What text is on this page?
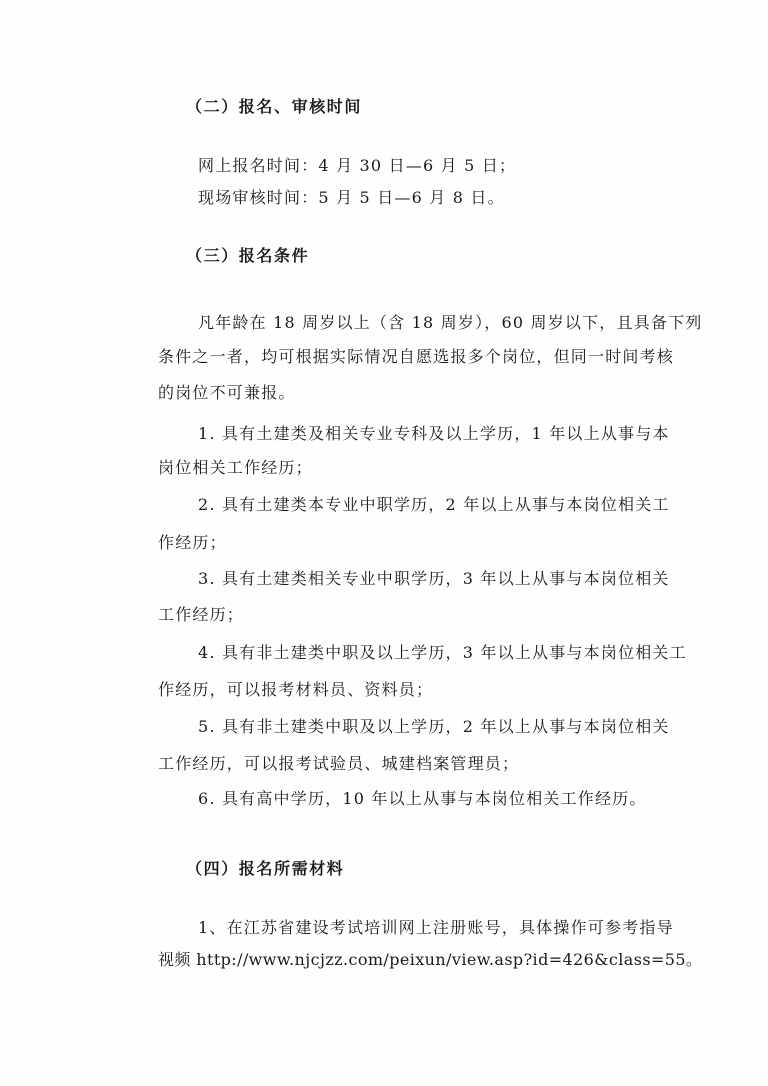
（二）报名、审核时间
网上报名时间：4 月 30 日—6 月 5 日；
现场审核时间：5 月 5 日—6 月 8 日。
（三）报名条件
凡年龄在 18 周岁以上（含 18 周岁），60 周岁以下，且具备下列
条件之一者，均可根据实际情况自愿选报多个岗位，但同一时间考核
的岗位不可兼报。
1. 具有土建类及相关专业专科及以上学历，1 年以上从事与本
岗位相关工作经历；
2. 具有土建类本专业中职学历，2 年以上从事与本岗位相关工
作经历；
3. 具有土建类相关专业中职学历，3 年以上从事与本岗位相关
工作经历；
4. 具有非土建类中职及以上学历，3 年以上从事与本岗位相关工
作经历，可以报考材料员、资料员；
5. 具有非土建类中职及以上学历，2 年以上从事与本岗位相关
工作经历，可以报考试验员、城建档案管理员；
6. 具有高中学历，10 年以上从事与本岗位相关工作经历。
（四）报名所需材料
1、在江苏省建设考试培训网上注册账号，具体操作可参考指导
视频 http://www.njcjzz.com/peixun/view.asp?id=426&class=55。
